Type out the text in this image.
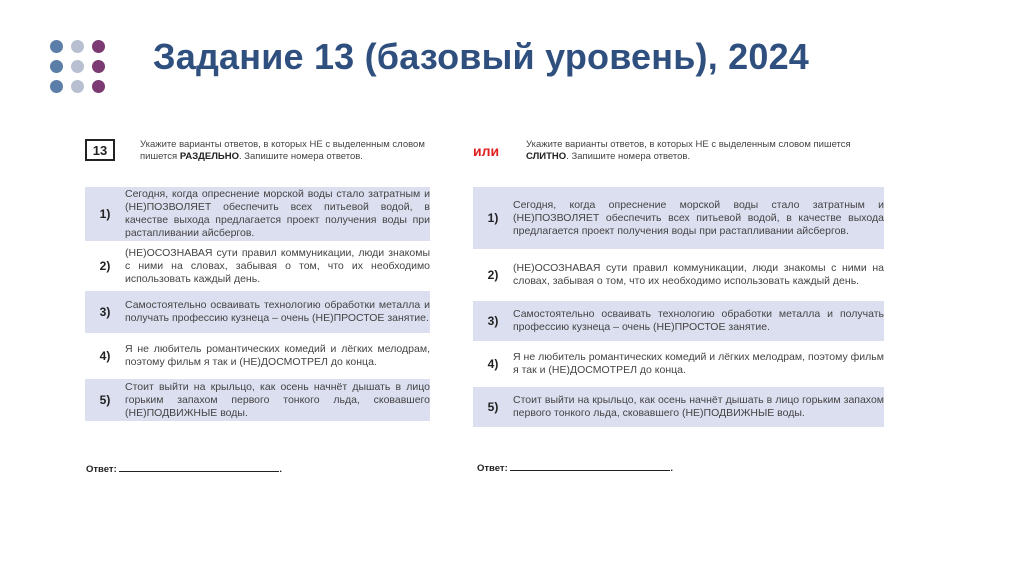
Задание 13 (базовый уровень), 2024
13	Укажите варианты ответов, в которых НЕ с выделенным словом пишется РАЗДЕЛЬНО. Запишите номера ответов.
1)
Сегодня, когда опреснение морской воды стало затратным и (НЕ)ПОЗВОЛЯЕТ обеспечить всех питьевой водой, в качестве выхода предлагается проект получения воды при растапливании айсбергов.
2)
(НЕ)ОСОЗНАВАЯ сути правил коммуникации, люди знакомы с ними на словах, забывая о том, что их необходимо использовать каждый день.
3)	Самостоятельно осваивать технологию обработки металла и получать профессию кузнеца – очень (НЕ)ПРОСТОЕ занятие.
4)	Я не любитель романтических комедий и лёгких мелодрам, поэтому фильм я так и (НЕ)ДОСМОТРЕЛ до конца.
5)
Стоит выйти на крыльцо, как осень начнёт дышать в лицо горьким запахом первого тонкого льда, сковавшего (НЕ)ПОДВИЖНЫЕ воды.
Ответ:	.
или	Укажите варианты ответов, в которых НЕ с выделенным словом пишется СЛИТНО. Запишите номера ответов.
1)
Сегодня, когда опреснение морской воды стало затратным и (НЕ)ПОЗВОЛЯЕТ обеспечить всех питьевой водой, в качестве выхода предлагается проект получения воды при растапливании айсбергов.
2)	(НЕ)ОСОЗНАВАЯ сути правил коммуникации, люди знакомы с ними на словах, забывая о том, что их необходимо использовать каждый день.
3)	Самостоятельно осваивать технологию обработки металла и получать профессию кузнеца – очень (НЕ)ПРОСТОЕ занятие.
4)	Я не любитель романтических комедий и лёгких мелодрам, поэтому фильм я так и (НЕ)ДОСМОТРЕЛ до конца.
5)	Стоит выйти на крыльцо, как осень начнёт дышать в лицо горьким запахом первого тонкого льда, сковавшего (НЕ)ПОДВИЖНЫЕ воды.
Ответ:	.
